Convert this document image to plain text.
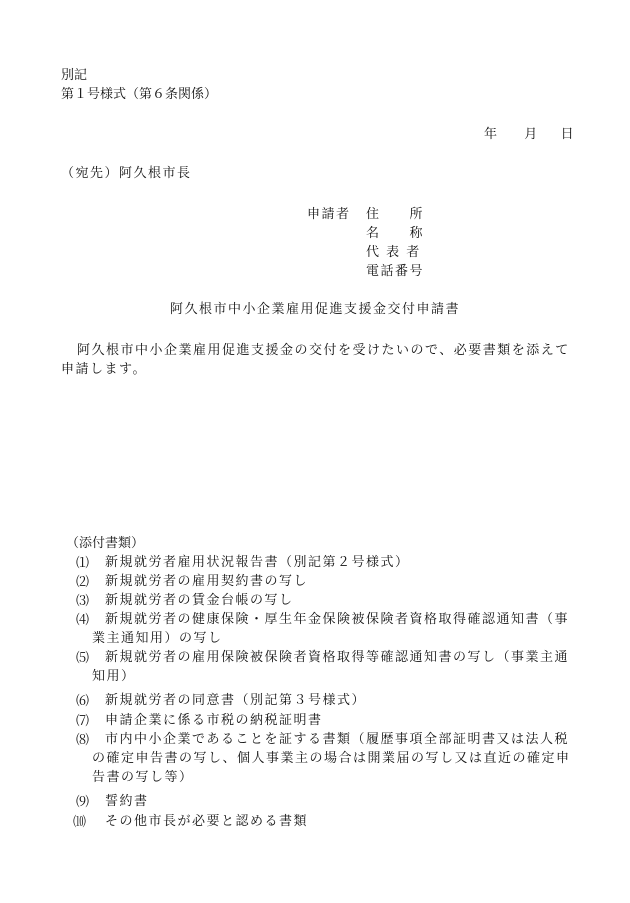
別記
第１号様式（第６条関係）
年 月 日
（宛先）阿久根市長
申請者 住　　所
名　　称
代 表 者
電話番号
阿久根市中小企業雇用促進支援金交付申請書
阿久根市中小企業雇用促進支援金の交付を受けたいので、必要書類を添えて
申請します。
（添付書類）
⑴ 新規就労者雇用状況報告書（別記第２号様式）
⑵ 新規就労者の雇用契約書の写し
⑶ 新規就労者の賃金台帳の写し
⑷ 新規就労者の健康保険・厚生年金保険被保険者資格取得確認通知書（事
業主通知用）の写し
⑸ 新規就労者の雇用保険被保険者資格取得等確認通知書の写し（事業主通
知用）
⑹ 新規就労者の同意書（別記第３号様式）
⑺ 申請企業に係る市税の納税証明書
⑻ 市内中小企業であることを証する書類（履歴事項全部証明書又は法人税
の確定申告書の写し、個人事業主の場合は開業届の写し又は直近の確定申
告書の写し等）
⑼ 誓約書
⑽ その他市長が必要と認める書類
